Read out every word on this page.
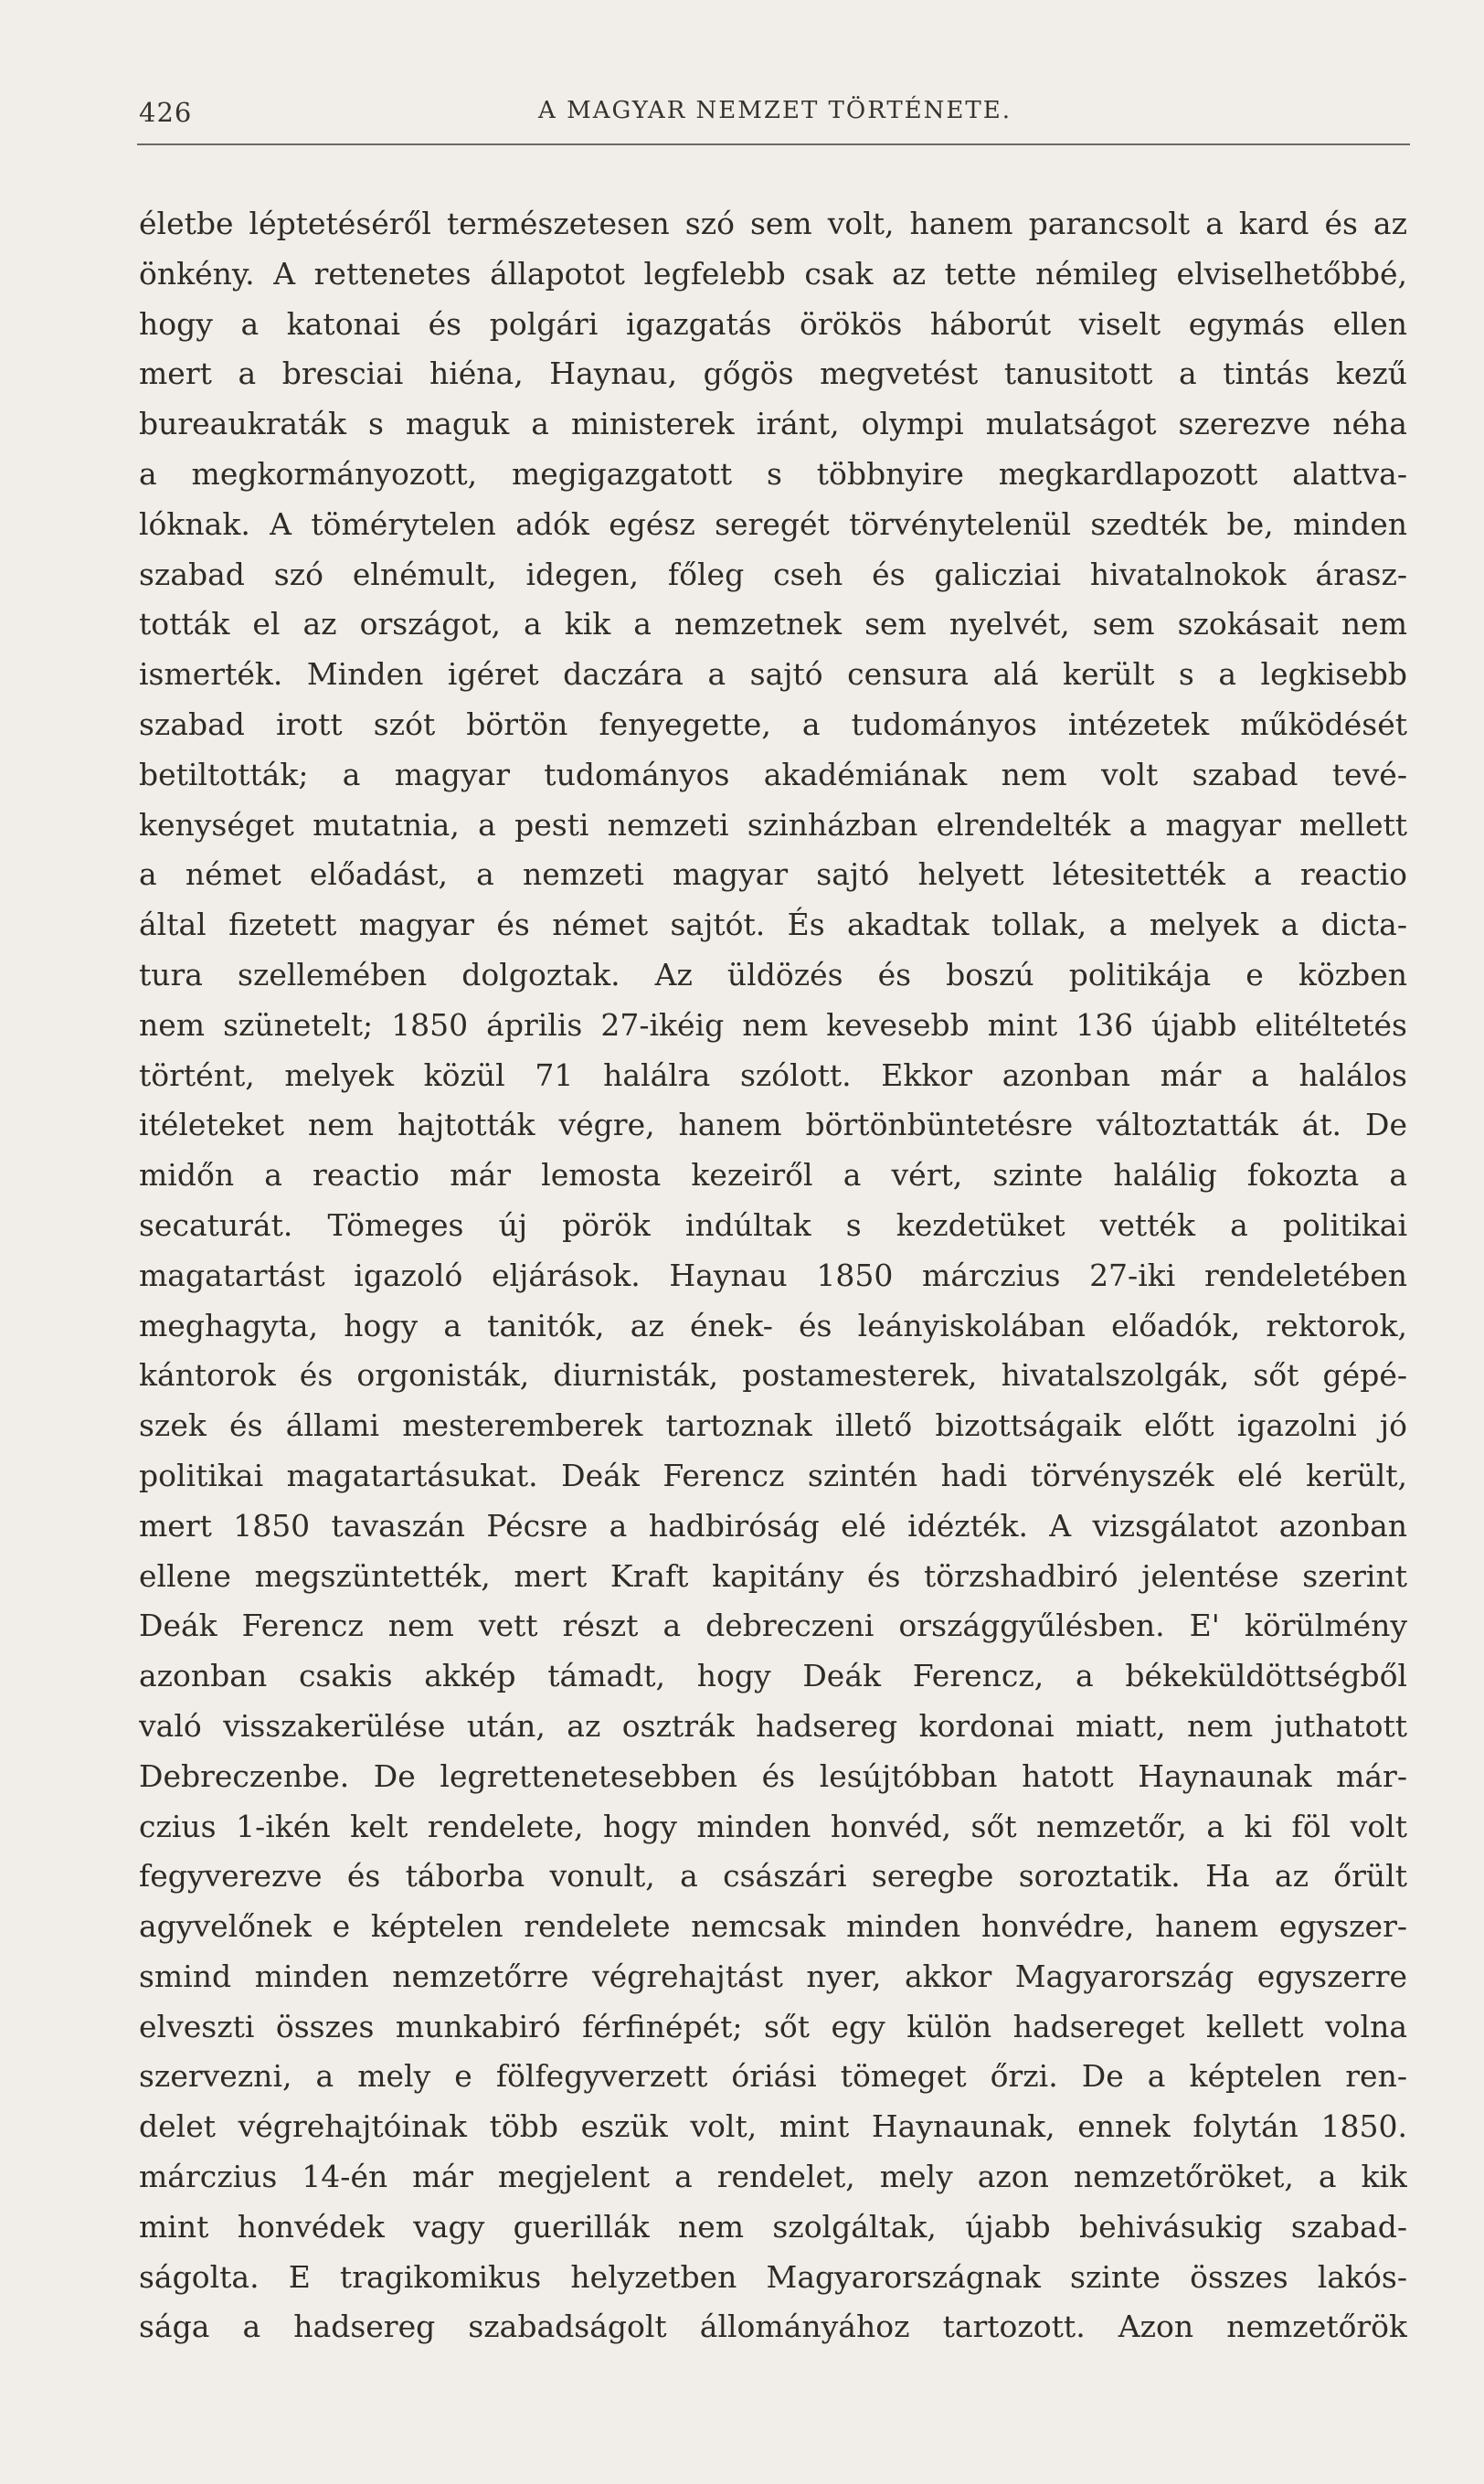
426	A MAGYAR NEMZET TÖRTÉNETE.
életbe léptetéséről természetesen szó sem volt, hanem parancsolt a kard és az
önkény. A rettenetes állapotot legfelebb csak az tette némileg elviselhetőbbé,
hogy a katonai és polgári igazgatás örökös háborút viselt egymás ellen
mert a bresciai hiéna, Haynau, gőgös megvetést tanusitott a tintás kezű
bureaukraták s maguk a ministerek iránt, olympi mulatságot szerezve néha
a megkormányozott, megigazgatott s többnyire megkardlapozott alattva-
lóknak. A tömérytelen adók egész seregét törvénytelenül szedték be, minden
szabad szó elnémult, idegen, főleg cseh és galicziai hivatalnokok árasz-
tották el az országot, a kik a nemzetnek sem nyelvét, sem szokásait nem
ismerték. Minden igéret daczára a sajtó censura alá került s a legkisebb
szabad irott szót börtön fenyegette, a tudományos intézetek működését
betiltották; a magyar tudományos akadémiának nem volt szabad tevé-
kenységet mutatnia, a pesti nemzeti szinházban elrendelték a magyar mellett
a német előadást, a nemzeti magyar sajtó helyett létesitették a reactio
által fizetett magyar és német sajtót. És akadtak tollak, a melyek a dicta-
tura szellemében dolgoztak. Az üldözés és boszú politikája e közben
nem szünetelt; 1850 április 27-ikéig nem kevesebb mint 136 újabb elitéltetés
történt, melyek közül 71 halálra szólott. Ekkor azonban már a halálos
itéleteket nem hajtották végre, hanem börtönbüntetésre változtatták át. De
midőn a reactio már lemosta kezeiről a vért, szinte halálig fokozta a
secaturát. Tömeges új pörök indúltak s kezdetüket vették a politikai
magatartást igazoló eljárások. Haynau 1850 márczius 27-iki rendeletében
meghagyta, hogy a tanitók, az ének- és leányiskolában előadók, rektorok,
kántorok és orgonisták, diurnisták, postamesterek, hivatalszolgák, sőt gépé-
szek és állami mesteremberek tartoznak illető bizottságaik előtt igazolni jó
politikai magatartásukat. Deák Ferencz szintén hadi törvényszék elé került,
mert 1850 tavaszán Pécsre a hadbiróság elé idézték. A vizsgálatot azonban
ellene megszüntették, mert Kraft kapitány és törzshadbiró jelentése szerint
Deák Ferencz nem vett részt a debreczeni országgyűlésben. E' körülmény
azonban csakis akkép támadt, hogy Deák Ferencz, a békeküldöttségből
való visszakerülése után, az osztrák hadsereg kordonai miatt, nem juthatott
Debreczenbe. De legrettenetesebben és lesújtóbban hatott Haynaunak már-
czius 1-ikén kelt rendelete, hogy minden honvéd, sőt nemzetőr, a ki föl volt
fegyverezve és táborba vonult, a császári seregbe soroztatik. Ha az őrült
agyvelőnek e képtelen rendelete nemcsak minden honvédre, hanem egyszer-
smind minden nemzetőrre végrehajtást nyer, akkor Magyarország egyszerre
elveszti összes munkabiró férfinépét; sőt egy külön hadsereget kellett volna
szervezni, a mely e fölfegyverzett óriási tömeget őrzi. De a képtelen ren-
delet végrehajtóinak több eszük volt, mint Haynaunak, ennek folytán 1850.
márczius 14-én már megjelent a rendelet, mely azon nemzetőröket, a kik
mint honvédek vagy guerillák nem szolgáltak, újabb behivásukig szabad-
ságolta. E tragikomikus helyzetben Magyarországnak szinte összes lakós-
sága a hadsereg szabadságolt állományához tartozott. Azon nemzetőrök
